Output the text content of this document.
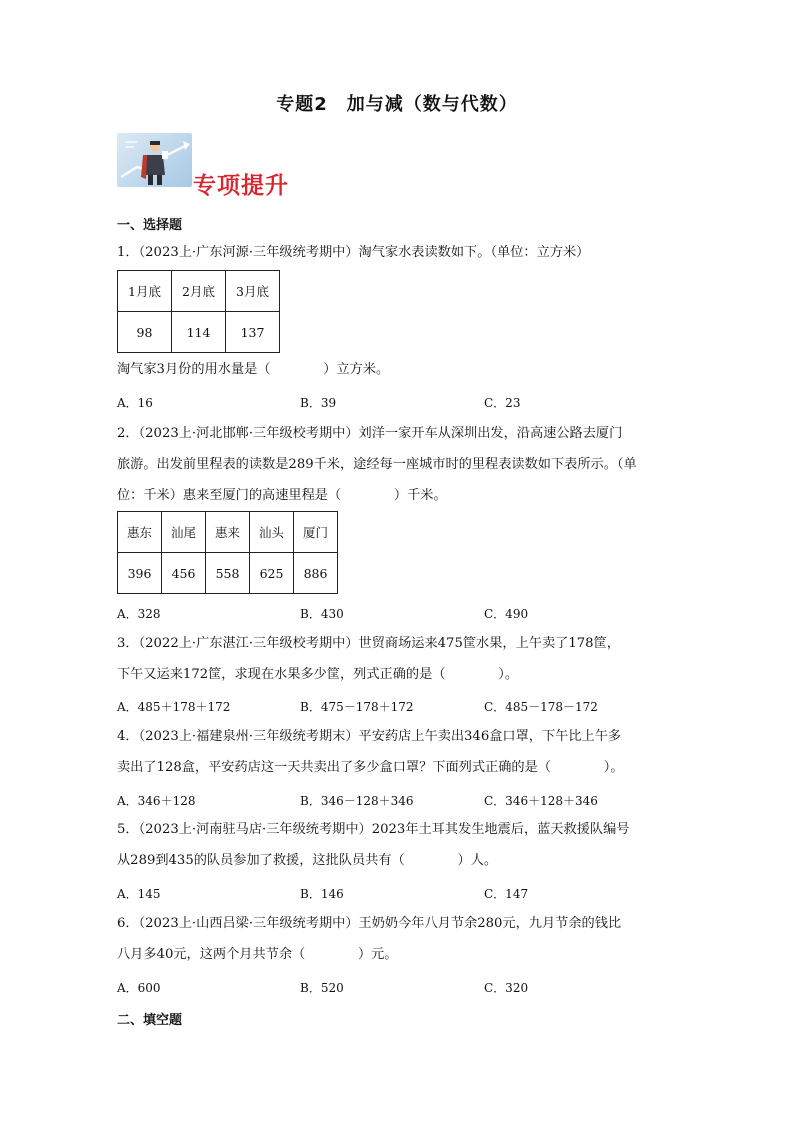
专题2　加与减（数与代数）
专项提升
一、选择题
1．（2023上·广东河源·三年级统考期中）淘气家水表读数如下。（单位：立方米）
1月底	2月底	3月底
98	114	137
淘气家3月份的用水量是（　　　　）立方米。
A．16	B．39	C．23
2．（2023上·河北邯郸·三年级校考期中）刘洋一家开车从深圳出发，沿高速公路去厦门
旅游。出发前里程表的读数是289千米，途经每一座城市时的里程表读数如下表所示。（单
位：千米）惠来至厦门的高速里程是（　　　　）千米。
惠东	汕尾	惠来	汕头	厦门
396	456	558	625	886
A．328	B．430	C．490
3．（2022上·广东湛江·三年级校考期中）世贸商场运来475筐水果，上午卖了178筐，
下午又运来172筐，求现在水果多少筐，列式正确的是（　　　　）。
A．485＋178＋172	B．475－178＋172	C．485－178－172
4．（2023上·福建泉州·三年级统考期末）平安药店上午卖出346盒口罩，下午比上午多
卖出了128盒，平安药店这一天共卖出了多少盒口罩？下面列式正确的是（　　　　）。
A．346＋128	B．346－128＋346	C．346＋128＋346
5．（2023上·河南驻马店·三年级统考期中）2023年土耳其发生地震后，蓝天救援队编号
从289到435的队员参加了救援，这批队员共有（　　　　）人。
A．145	B．146	C．147
6．（2023上·山西吕梁·三年级统考期中）王奶奶今年八月节余280元，九月节余的钱比
八月多40元，这两个月共节余（　　　　）元。
A．600	B．520	C．320
二、填空题
